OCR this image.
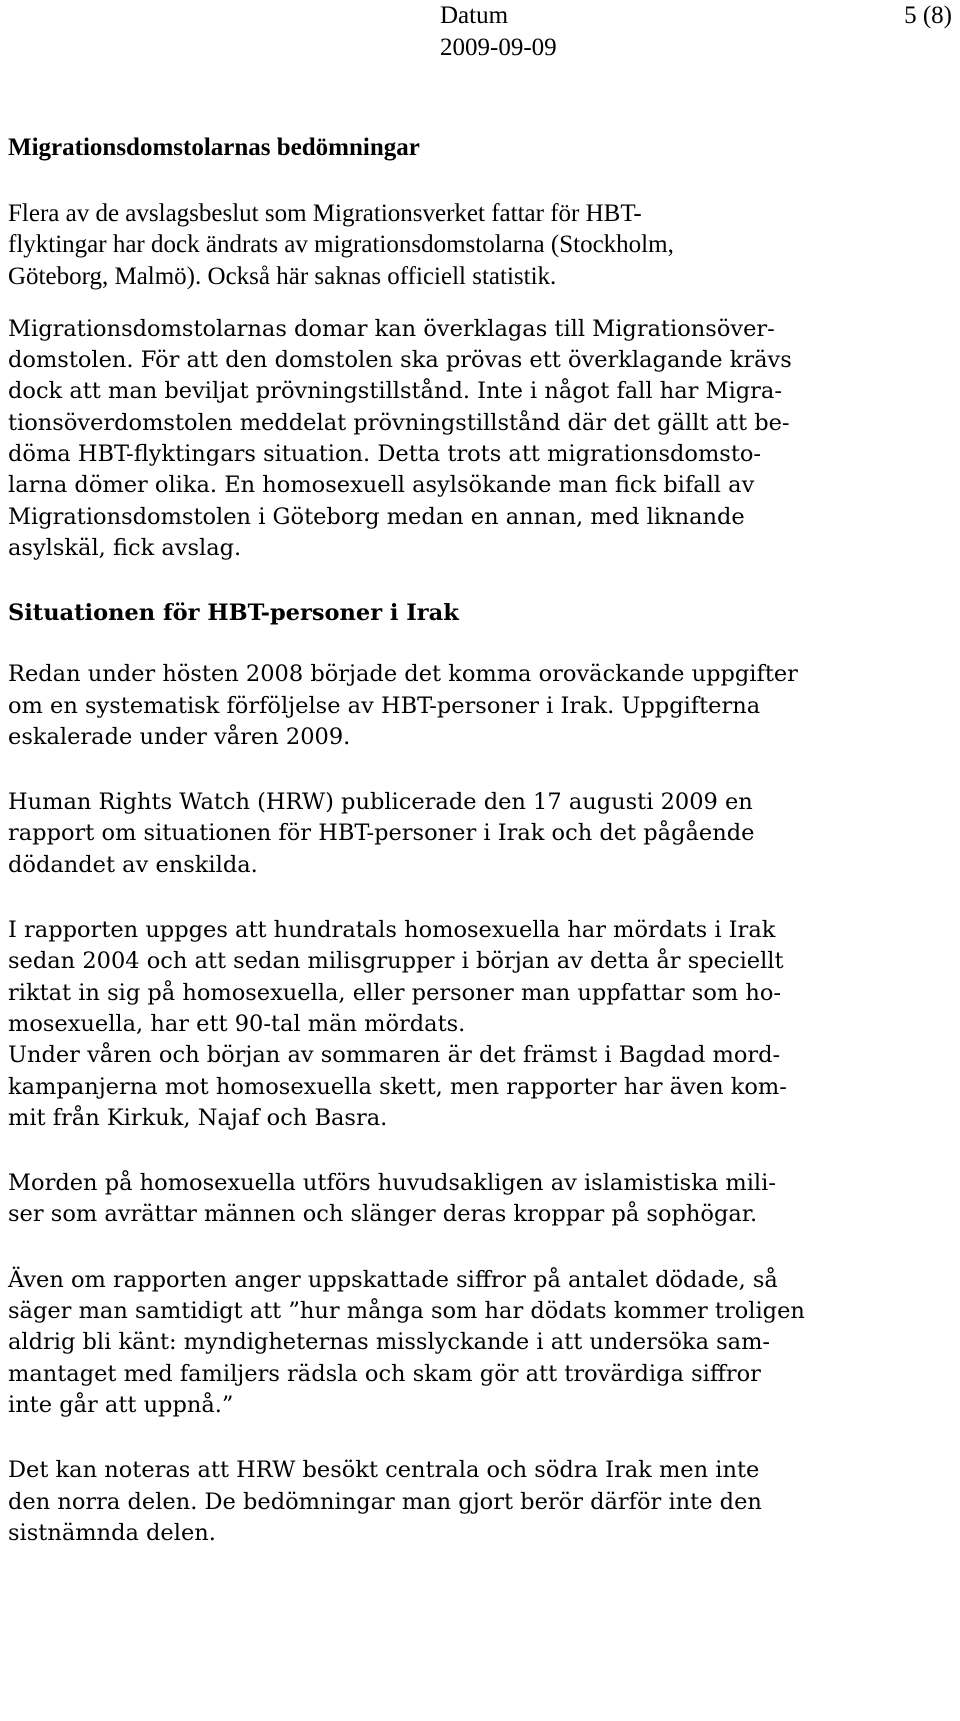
Datum
2009-09-09
5 (8)
Migrationsdomstolarnas bedömningar

Flera av de avslagsbeslut som Migrationsverket fattar för HBT-
flyktingar har dock ändrats av migrationsdomstolarna (Stockholm,
Göteborg, Malmö). Också här saknas officiell statistik.

Migrationsdomstolarnas domar kan överklagas till Migrationsöver-
domstolen. För att den domstolen ska prövas ett överklagande krävs
dock att man beviljat prövningstillstånd. Inte i något fall har Migra-
tionsöverdomstolen meddelat prövningstillstånd där det gällt att be-
döma HBT-flyktingars situation. Detta trots att migrationsdomsto-
larna dömer olika. En homosexuell asylsökande man fick bifall av
Migrationsdomstolen i Göteborg medan en annan, med liknande
asylskäl, fick avslag.

Situationen för HBT-personer i Irak

Redan under hösten 2008 började det komma oroväckande uppgifter
om en systematisk förföljelse av HBT-personer i Irak. Uppgifterna
eskalerade under våren 2009.

Human Rights Watch (HRW) publicerade den 17 augusti 2009 en
rapport om situationen för HBT-personer i Irak och det pågående
dödandet av enskilda.

I rapporten uppges att hundratals homosexuella har mördats i Irak
sedan 2004 och att sedan milisgrupper i början av detta år speciellt
riktat in sig på homosexuella, eller personer man uppfattar som ho-
mosexuella, har ett 90-tal män mördats.

Under våren och början av sommaren är det främst i Bagdad mord-
kampanjerna mot homosexuella skett, men rapporter har även kom-
mit från Kirkuk, Najaf och Basra.

Morden på homosexuella utförs huvudsakligen av islamistiska mili-
ser som avrättar männen och slänger deras kroppar på sophögar.

Även om rapporten anger uppskattade siffror på antalet dödade, så
säger man samtidigt att ”hur många som har dödats kommer troligen
aldrig bli känt: myndigheternas misslyckande i att undersöka sam-
mantaget med familjers rädsla och skam gör att trovärdiga siffror
inte går att uppnå.”

Det kan noteras att HRW besökt centrala och södra Irak men inte
den norra delen. De bedömningar man gjort berör därför inte den
sistnämnda delen.
